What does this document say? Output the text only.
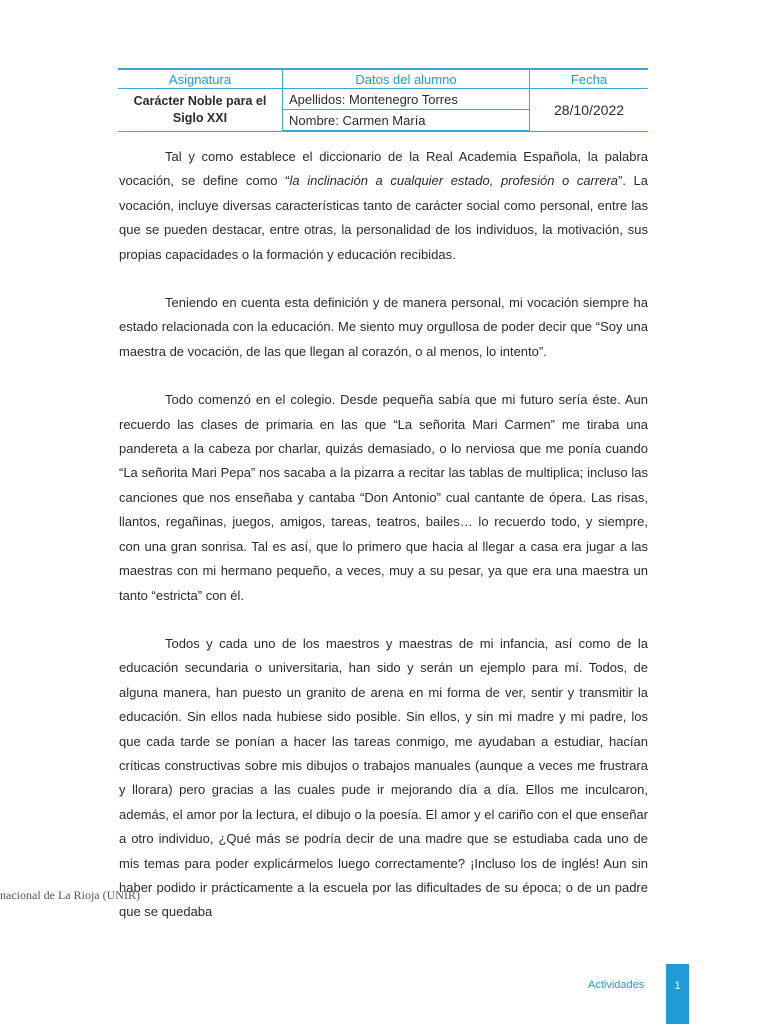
Asignatura	Datos del alumno	Fecha
Carácter Noble para el Siglo XXI	Apellidos: Montenegro Torres	28/10/2022
	Nombre: Carmen María	

Tal y como establece el diccionario de la Real Academia Española, la palabra vocación, se define como “la inclinación a cualquier estado, profesión o carrera”. La vocación, incluye diversas características tanto de carácter social como personal, entre las que se pueden destacar, entre otras, la personalidad de los individuos, la motivación, sus propias capacidades o la formación y educación recibidas.

Teniendo en cuenta esta definición y de manera personal, mi vocación siempre ha estado relacionada con la educación. Me siento muy orgullosa de poder decir que “Soy una maestra de vocación, de las que llegan al corazón, o al menos, lo intento”.

Todo comenzó en el colegio. Desde pequeña sabía que mi futuro sería éste. Aun recuerdo las clases de primaria en las que “La señorita Mari Carmen” me tiraba una pandereta a la cabeza por charlar, quizás demasiado, o lo nerviosa que me ponía cuando “La señorita Mari Pepa” nos sacaba a la pizarra a recitar las tablas de multiplica; incluso las canciones que nos enseñaba y cantaba “Don Antonio” cual cantante de ópera. Las risas, llantos, regañinas, juegos, amigos, tareas, teatros, bailes… lo recuerdo todo, y siempre, con una gran sonrisa. Tal es así, que lo primero que hacia al llegar a casa era jugar a las maestras con mi hermano pequeño, a veces, muy a su pesar, ya que era una maestra un tanto “estricta” con él.

Todos y cada uno de los maestros y maestras de mi infancia, así como de la educación secundaria o universitaria, han sido y serán un ejemplo para mí. Todos, de alguna manera, han puesto un granito de arena en mi forma de ver, sentir y transmitir la educación. Sin ellos nada hubiese sido posible. Sin ellos, y sin mi madre y mi padre, los que cada tarde se ponían a hacer las tareas conmigo, me ayudaban a estudiar, hacían críticas constructivas sobre mis dibujos o trabajos manuales (aunque a veces me frustrara y llorara) pero gracias a las cuales pude ir mejorando día a día. Ellos me inculcaron, además, el amor por la lectura, el dibujo o la poesía. El amor y el cariño con el que enseñar a otro individuo, ¿Qué más se podría decir de una madre que se estudiaba cada uno de mis temas para poder explicármelos luego correctamente? ¡Incluso los de inglés! Aun sin haber podido ir prácticamente a la escuela por las dificultades de su época; o de un padre que se quedaba

nacional de La Rioja (UNIR)
Actividades	1
